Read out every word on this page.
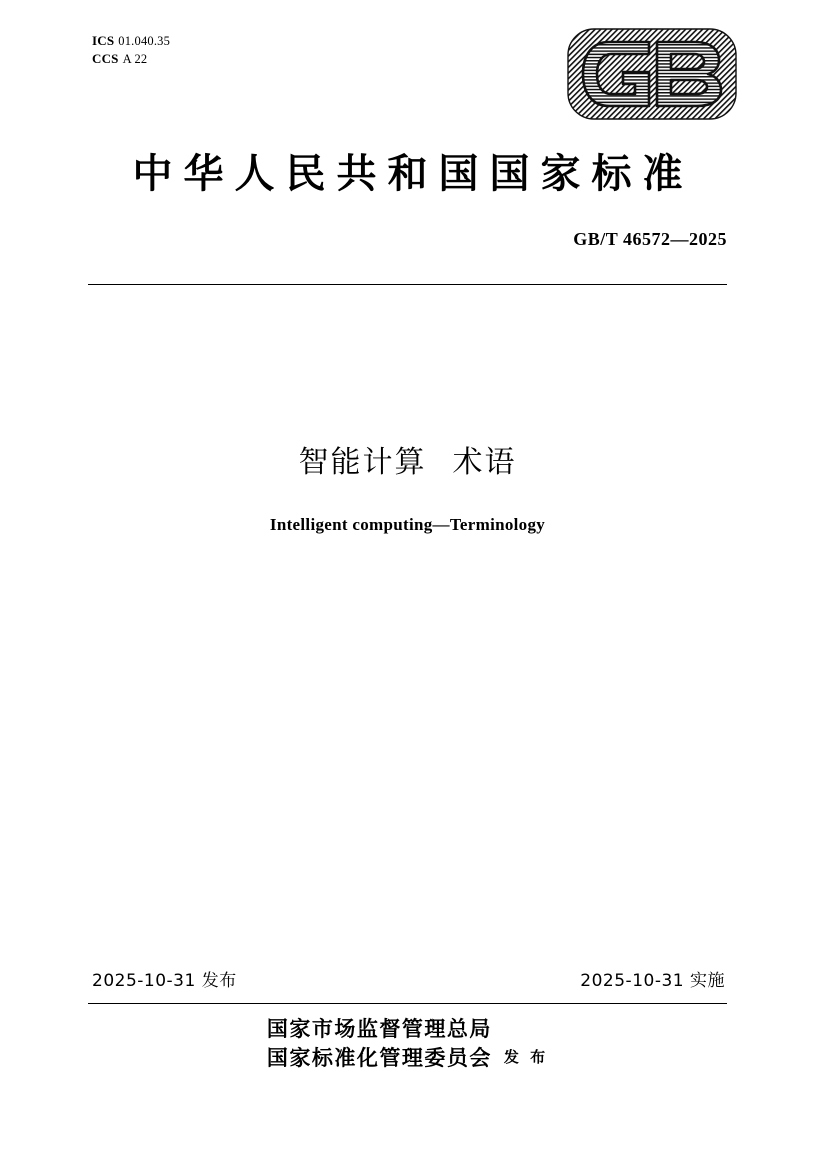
ICS 01.040.35
CCS A 22
中华人民共和国国家标准
GB/T 46572—2025
智能计算 术语
Intelligent computing—Terminology
2025-10-31 发布	2025-10-31 实施
国家市场监督管理总局
国家标准化管理委员会 发 布
